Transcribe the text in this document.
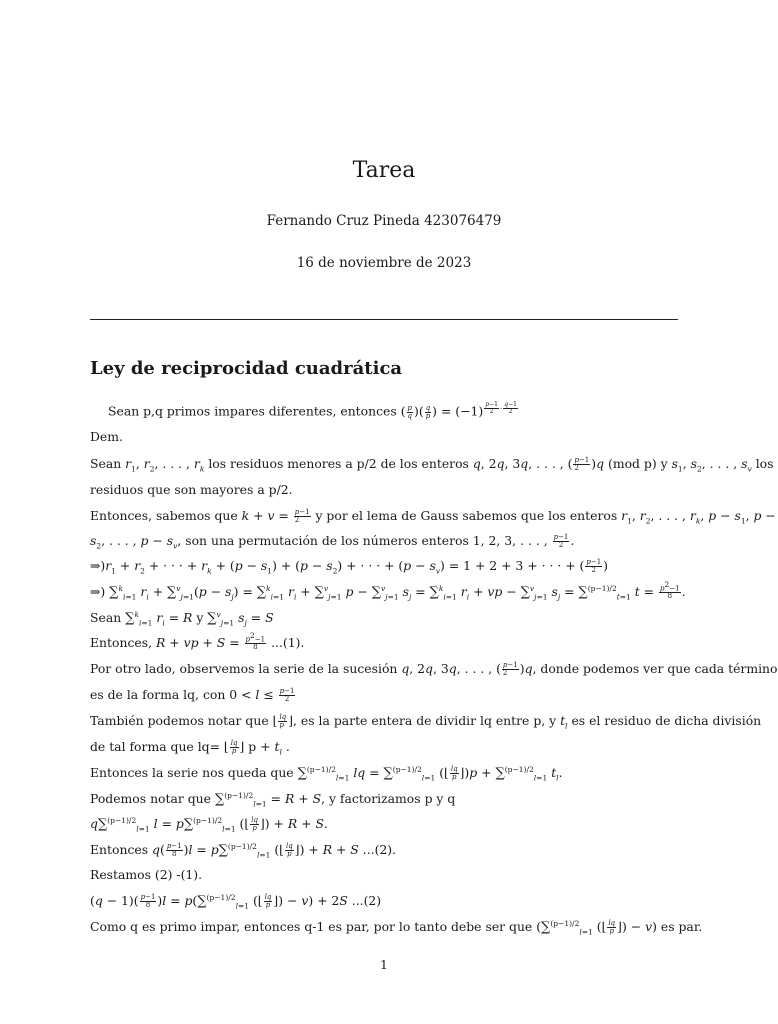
Tarea
Fernando Cruz Pineda 423076479
16 de noviembre de 2023
Ley de reciprocidad cuadrática
Sean p,q primos impares diferentes, entonces ( $\frac{p}{q}$ )( $\frac{q}{p}$ ) = (−1) $^{\frac{p-1}{2} \cdot \frac{q-1}{2}}$
Dem.
Sean $r_1$, $r_2$, . . . , $r_k$ los residuos menores a p/2 de los enteros q, 2q, 3q, . . . , ( $\frac{p-1}{2} )q$ (mod p) y $s_1$, $s_2$, . . . , $s_v$ los
residuos que son mayores a p/2.
Entonces, sabemos que $k + v = \frac{p-1}{2}$ y por el lema de Gauss sabemos que los enteros $r_1$, $r_2$, . . . , $r_k$, $p - s_1$, p −
$s_2$, . . . , $p - s_v$, son una permutación de los números enteros 1, 2, 3, . . . , $\frac{p-1}{2}$ .
$\Rightarrow)r_1 + r_2$ + · · · + $r_k + (p - s_1) + (p - s_2)$ + · · · + $(p - s_v) = 1 + 2 + 3$ + · · · + ( $\frac{p-1}{2}$ )
⇒) ∑$^k_{i=1}$ $r_i + \sum^v_{j=1}(p - s_j) = \sum^k_{i=1}$ $r_i + \sum^v_{j=1}$ p − ∑$^v_{j=1}$ $s_j = \sum^k_{i=1}$ $r_i$ + vp − ∑$^v_{j=1}$ $s_j = \sum^{(p-1)/2}_{t=1}$ $t = \frac{p^2-1}{8}$ .
Sean ∑$^k_{i=1}$ $r_i = R$ y ∑$^v_{j=1}$ $s_j = S$
Entonces, R + vp + $S = \frac{p^2-1}{8} ...(1)$.
Por otro lado, observemos la serie de la sucesión q, 2q, 3q, . . . , ( $\frac{p-1}{2} )q$, donde podemos ver que cada término
es de la forma lq, con $0 < l \le \frac{p-1}{2}$
También podemos notar que ⌊ $\frac{lq}{p}$ ⌋, es la parte entera de dividir lq entre p, y $t_l$ es el residuo de dicha división
de tal forma que lq= ⌊ $\frac{lq}{p}$ ⌋ $p + t_l$ .
Entonces la serie nos queda que ∑$^{(p-1)/2}_{l=1}$ lq = ∑$^{(p-1)/2}_{l=1}$ (⌊ $\frac{lq}{p}$ ⌋)p + ∑$^{(p-1)/2}_{l=1}$ $t_l$.
Podemos notar que ∑$^{(p-1)/2}_{l=1}$ = R + S, y factorizamos p y q
q∑$^{(p-1)/2}_{l=1}$ l = p∑$^{(p-1)/2}_{l=1}$ (⌊ $\frac{lq}{p}$ ⌋) + R + S.
Entonces $q( \frac{p-1}{8} )l = p\sum^{(p-1)/2}_{l=1}$ (⌊ $\frac{lq}{p}$ ⌋) + R + S ...(2).
Restamos (2) -(1).
$(q - 1)( \frac{p-1}{8} )l = p(\sum^{(p-1)/2}_{l=1}$ (⌊ $\frac{lq}{p}$ ⌋) − v) + 2S ...(2)
Como q es primo impar, entonces q-1 es par, por lo tanto debe ser que (∑$^{(p-1)/2}_{l=1}$ (⌊ $\frac{lq}{p}$ ⌋) − v) es par.
1
